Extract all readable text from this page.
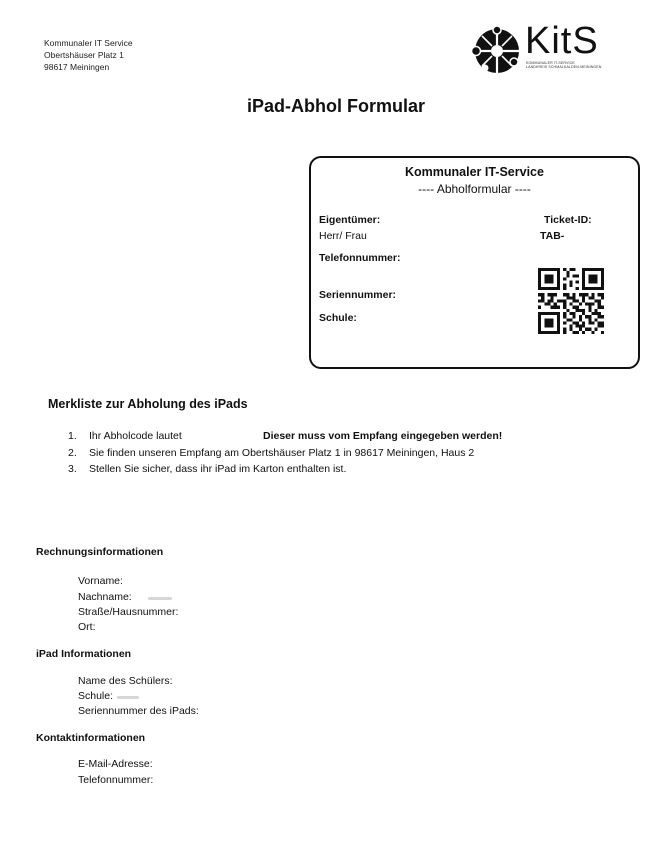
Kommunaler IT Service
Obertshäuser Platz 1
98617 Meiningen
KitS
KOMMUNALER IT-SERVICE
LANDKREIS SCHMALKALDEN-MEININGEN
iPad-Abhol Formular
Kommunaler IT-Service
---- Abholformular ----
Eigentümer:
Herr/ Frau
Ticket-ID:
TAB-
Telefonnummer:
Seriennummer:
Schule:
Merkliste zur Abholung des iPads
1.	Ihr Abholcode lautet	Dieser muss vom Empfang eingegeben werden!
2.	Sie finden unseren Empfang am Obertshäuser Platz 1 in 98617 Meiningen, Haus 2
3.	Stellen Sie sicher, dass ihr iPad im Karton enthalten ist.
Rechnungsinformationen
Vorname:
Nachname:
Straße/Hausnummer:
Ort:
iPad Informationen
Name des Schülers:
Schule:
Seriennummer des iPads:
Kontaktinformationen
E-Mail-Adresse:
Telefonnummer:
